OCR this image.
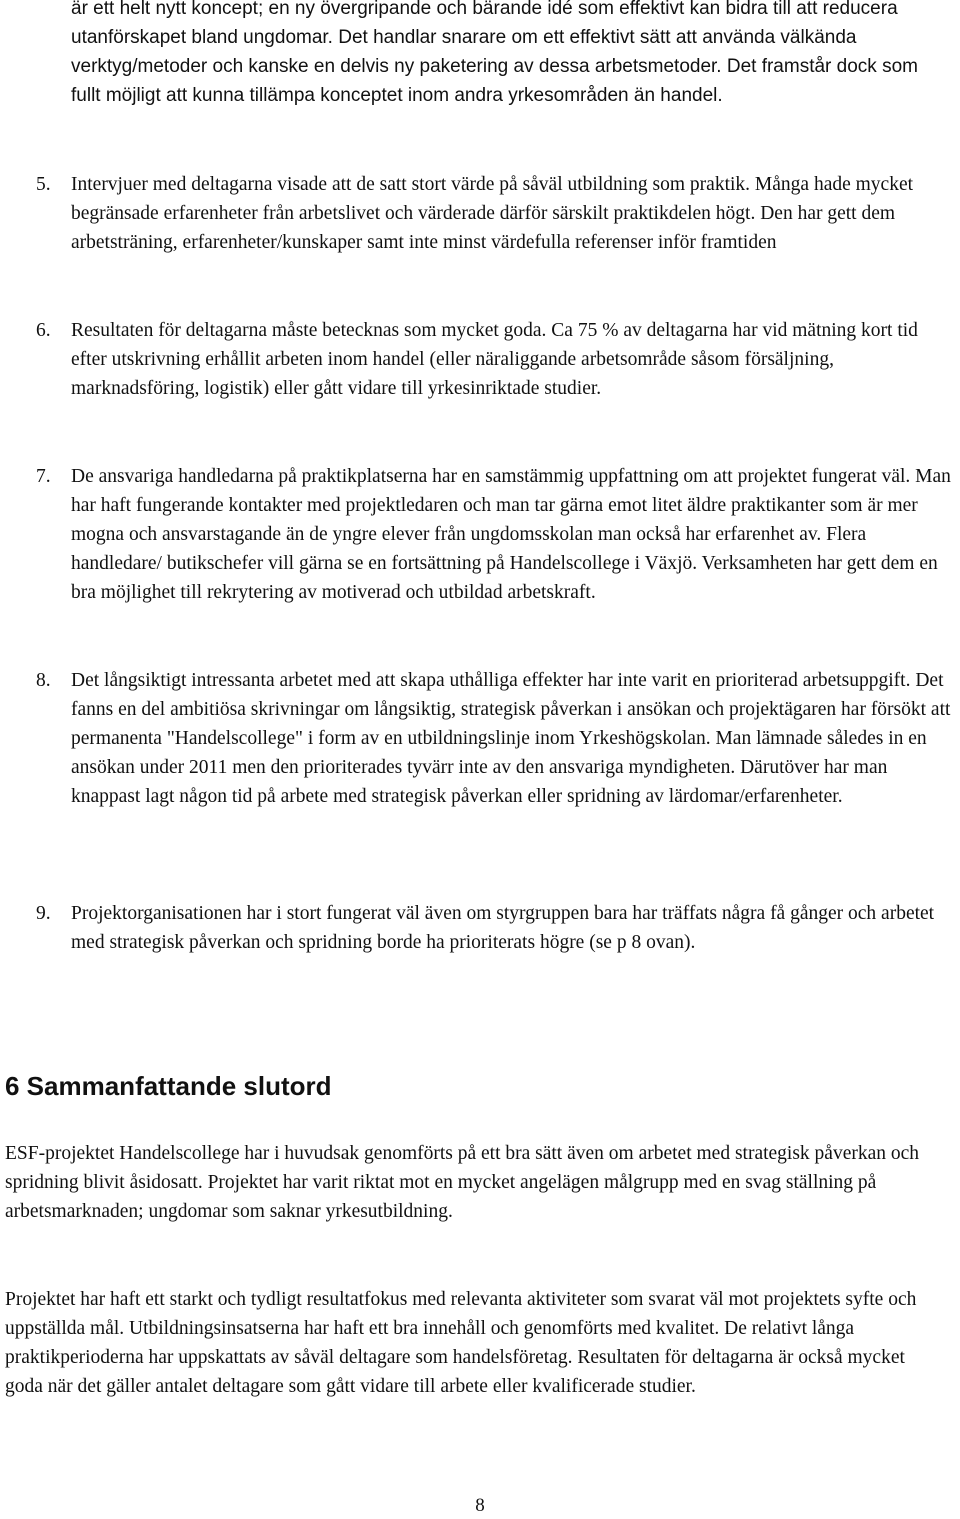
är ett helt nytt koncept; en ny övergripande och bärande idé som effektivt kan bidra till att reducera utanförskapet bland ungdomar. Det handlar snarare om ett effektivt sätt att använda välkända verktyg/metoder och kanske en delvis ny paketering av dessa arbetsmetoder. Det framstår dock som fullt möjligt att kunna tillämpa konceptet inom andra yrkesområden än handel.

5.	Intervjuer med deltagarna visade att de satt stort värde på såväl utbildning som praktik. Många hade mycket begränsade erfarenheter från arbetslivet och värderade därför särskilt praktikdelen högt. Den har gett dem arbetsträning, erfarenheter/kunskaper samt inte minst värdefulla referenser inför framtiden

6.	Resultaten för deltagarna måste betecknas som mycket goda. Ca 75 % av deltagarna har vid mätning kort tid efter utskrivning erhållit arbeten inom handel (eller näraliggande arbetsområde såsom försäljning, marknadsföring, logistik) eller gått vidare till yrkesinriktade studier.

7.	De ansvariga handledarna på praktikplatserna har en samstämmig uppfattning om att projektet fungerat väl. Man har haft fungerande kontakter med projektledaren och man tar gärna emot litet äldre praktikanter som är mer mogna och ansvarstagande än de yngre elever från ungdomsskolan man också har erfarenhet av. Flera handledare/ butikschefer vill gärna se en fortsättning på Handelscollege i Växjö. Verksamheten har gett dem en bra möjlighet till rekrytering av motiverad och utbildad arbetskraft.

8.	Det långsiktigt intressanta arbetet med att skapa uthålliga effekter har inte varit en prioriterad arbetsuppgift. Det fanns en del ambitiösa skrivningar om långsiktig, strategisk påverkan i ansökan och projektägaren har försökt att permanenta "Handelscollege" i form av en utbildningslinje inom Yrkeshögskolan. Man lämnade således in en ansökan under 2011 men den prioriterades tyvärr inte av den ansvariga myndigheten. Därutöver har man knappast lagt någon tid på arbete med strategisk påverkan eller spridning av lärdomar/erfarenheter.

9.	Projektorganisationen har i stort fungerat väl även om styrgruppen bara har träffats några få gånger och arbetet med strategisk påverkan och spridning borde ha prioriterats högre (se p 8 ovan).

6 Sammanfattande slutord

ESF-projektet Handelscollege har i huvudsak genomförts på ett bra sätt även om arbetet med strategisk påverkan och spridning blivit åsidosatt. Projektet har varit riktat mot en mycket angelägen målgrupp med en svag ställning på arbetsmarknaden; ungdomar som saknar yrkesutbildning.

Projektet har haft ett starkt och tydligt resultatfokus med relevanta aktiviteter som svarat väl mot projektets syfte och uppställda mål. Utbildningsinsatserna har haft ett bra innehåll och genomförts med kvalitet. De relativt långa praktikperioderna har uppskattats av såväl deltagare som handelsföretag. Resultaten för deltagarna är också mycket goda när det gäller antalet deltagare som gått vidare till arbete eller kvalificerade studier.

8
